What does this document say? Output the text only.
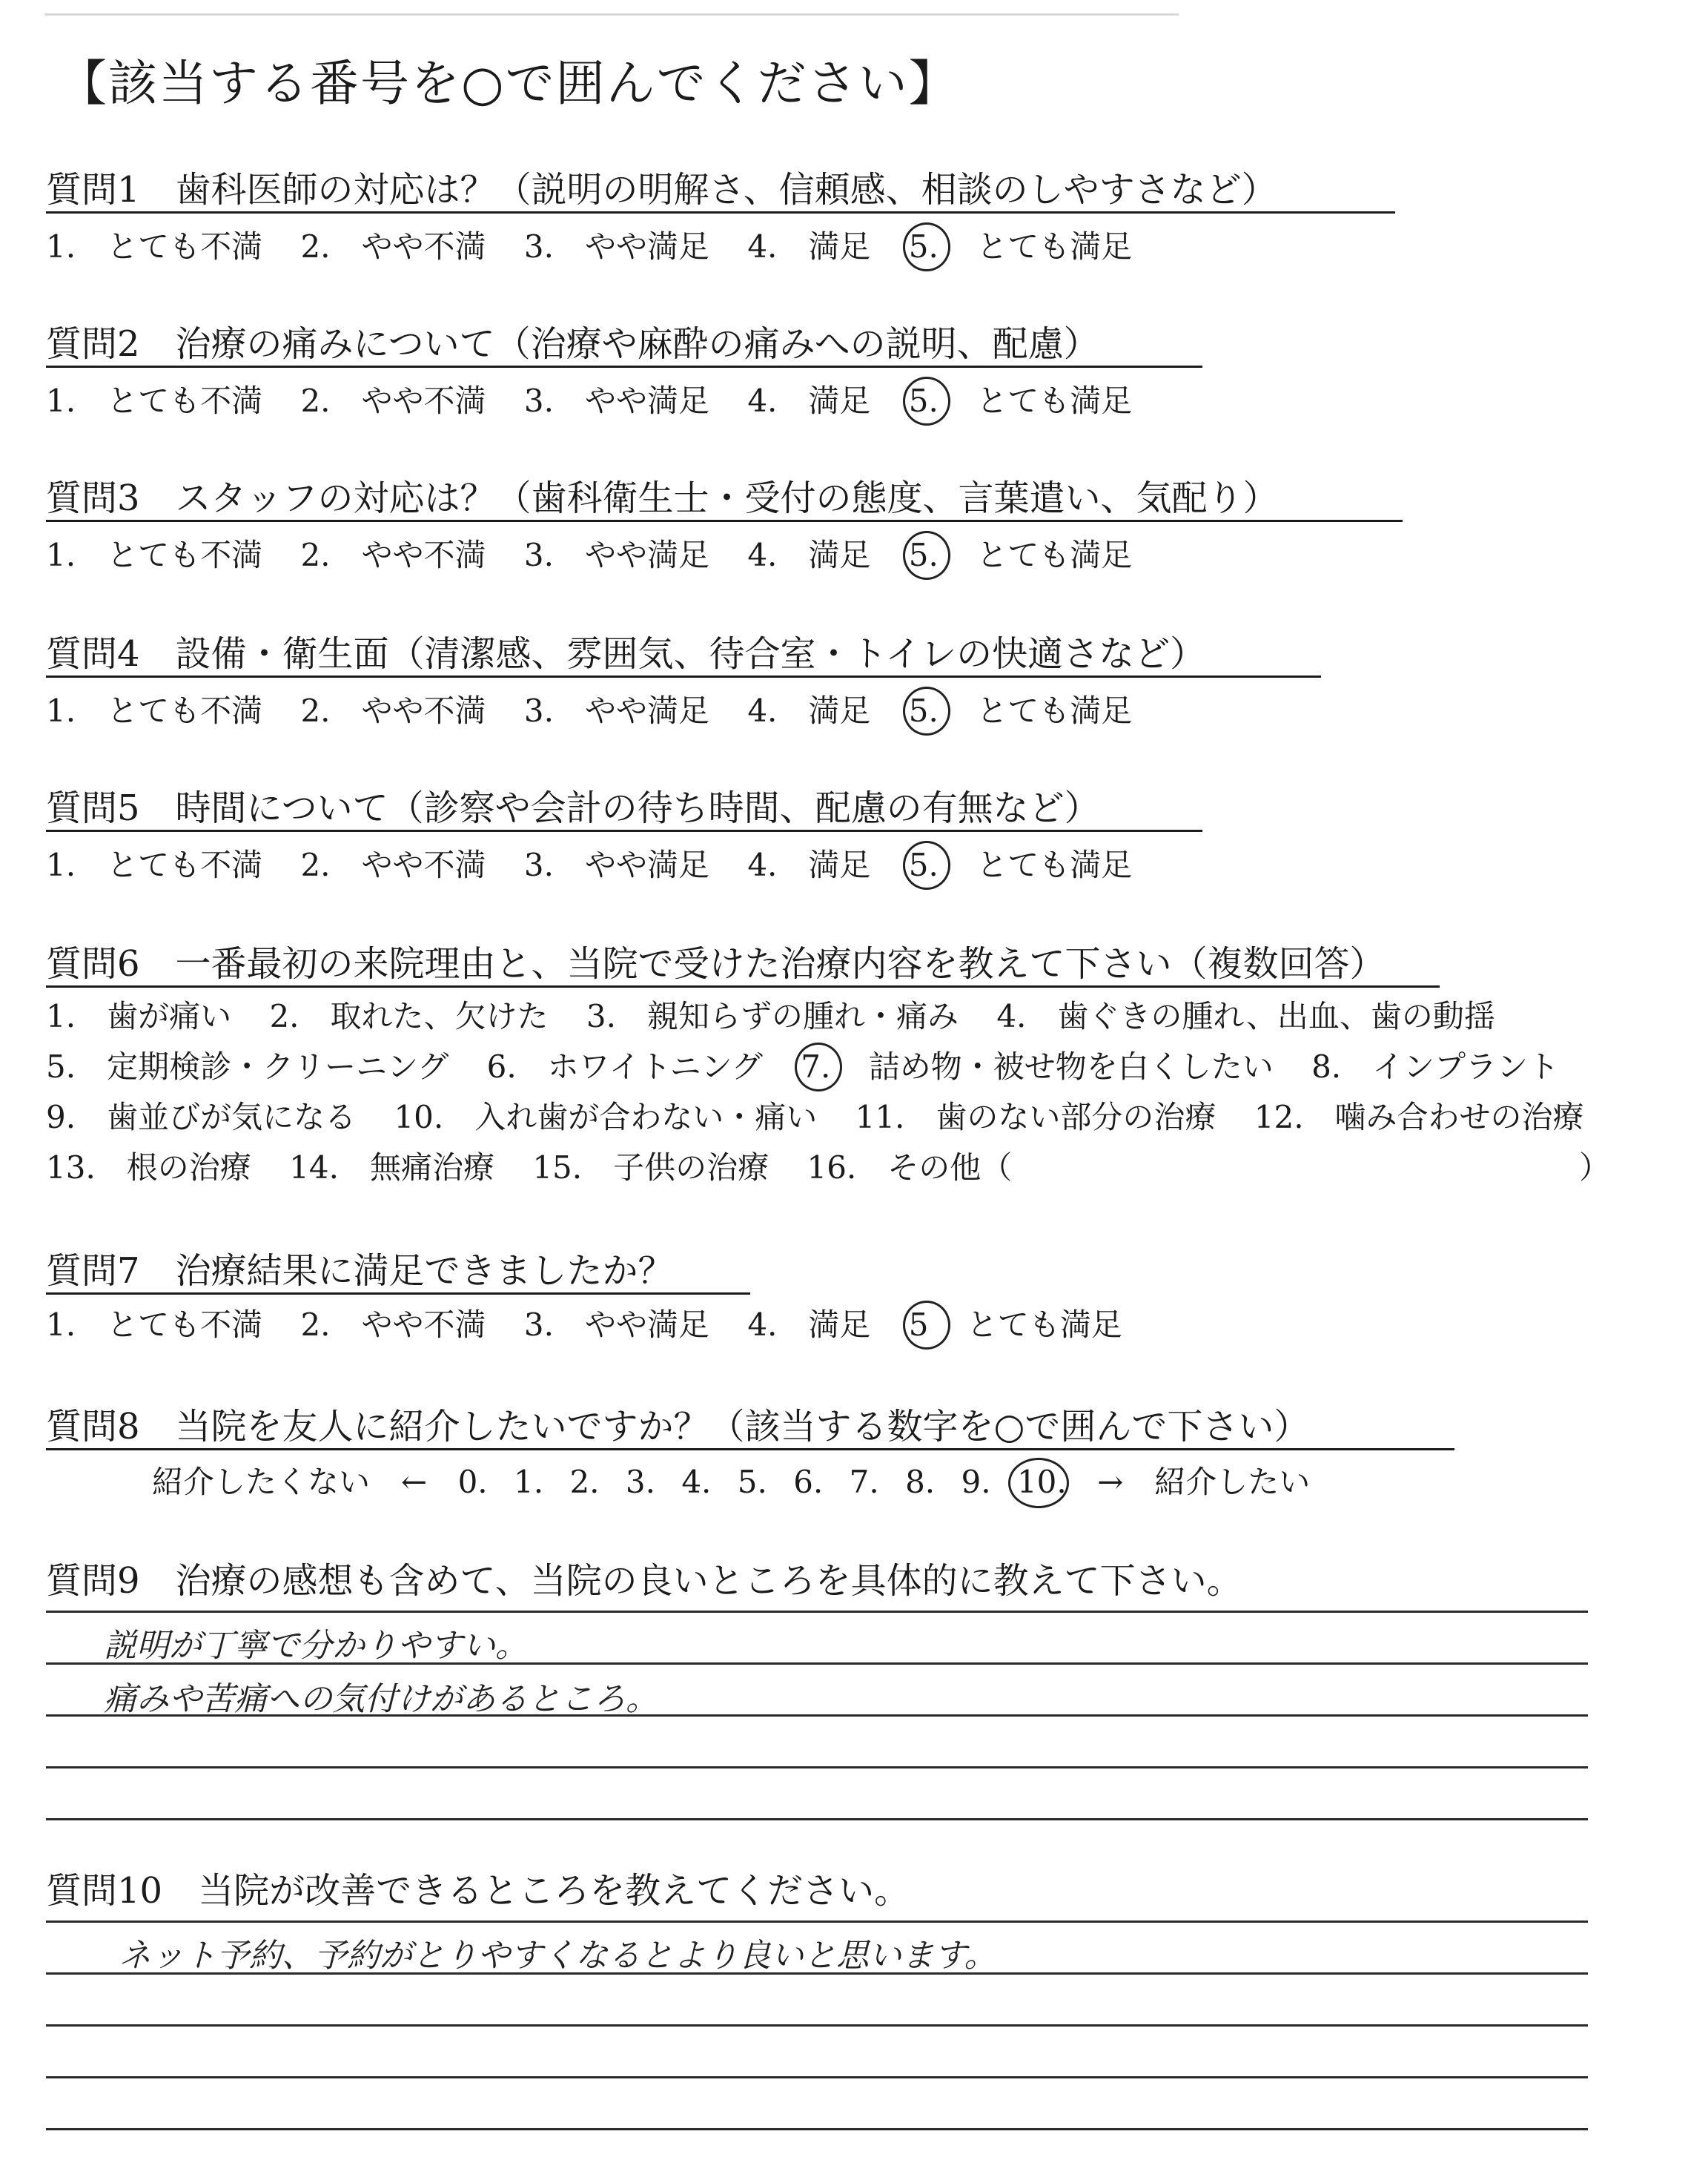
【該当する番号を○で囲んでください】
質問1　歯科医師の対応は？（説明の明解さ、信頼感、相談のしやすさなど）
1.　とても不満 2.　やや不満 3.　やや満足 4.　満足 5. とても満足
質問2　治療の痛みについて（治療や麻酔の痛みへの説明、配慮）
1.　とても不満 2.　やや不満 3.　やや満足 4.　満足 5. とても満足
質問3　スタッフの対応は？（歯科衛生士・受付の態度、言葉遣い、気配り）
1.　とても不満 2.　やや不満 3.　やや満足 4.　満足 5. とても満足
質問4　設備・衛生面（清潔感、雰囲気、待合室・トイレの快適さなど）
1.　とても不満 2.　やや不満 3.　やや満足 4.　満足 5. とても満足
質問5　時間について（診察や会計の待ち時間、配慮の有無など）
1.　とても不満 2.　やや不満 3.　やや満足 4.　満足 5. とても満足
質問6　一番最初の来院理由と、当院で受けた治療内容を教えて下さい（複数回答）
1.　歯が痛い 2.　取れた、欠けた 3.　親知らずの腫れ・痛み 4.　歯ぐきの腫れ、出血、歯の動揺
5.　定期検診・クリーニング 6.　ホワイトニング 7. 詰め物・被せ物を白くしたい 8.　インプラント
9.　歯並びが気になる 10.　入れ歯が合わない・痛い 11.　歯のない部分の治療 12.　噛み合わせの治療
13.　根の治療 14.　無痛治療 15.　子供の治療 16.　その他（	）
質問7　治療結果に満足できましたか？
1.　とても不満 2.　やや不満 3.　やや満足 4.　満足 5 とても満足
質問8　当院を友人に紹介したいですか？（該当する数字を○で囲んで下さい）
紹介したくない　← 0. 1. 2. 3. 4. 5. 6. 7. 8. 9. 10. →　紹介したい
質問9　治療の感想も含めて、当院の良いところを具体的に教えて下さい。
説明が丁寧で分かりやすい。
痛みや苦痛への気付けがあるところ。
質問10　当院が改善できるところを教えてください。
ネット予約、予約がとりやすくなるとより良いと思います。
